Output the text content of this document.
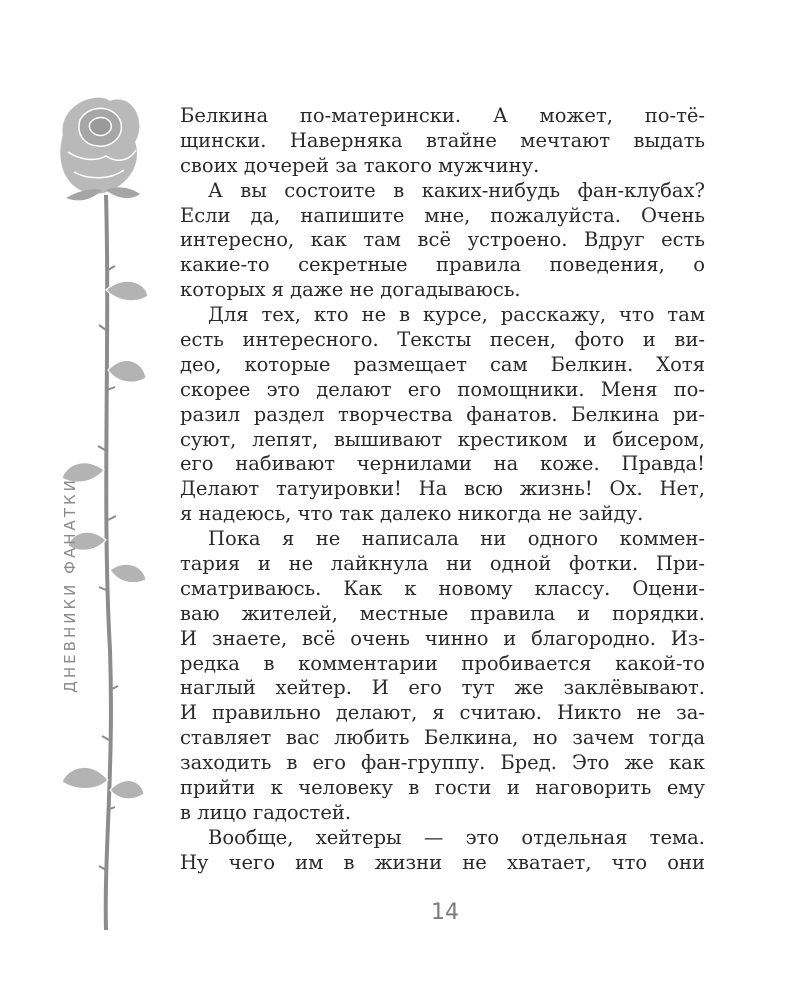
ДНЕВНИКИ ФАНАТКИ

Белкина по-матерински. А может, по-тё-
щински. Наверняка втайне мечтают выдать
своих дочерей за такого мужчину.

А вы состоите в каких-нибудь фан-клубах?
Если да, напишите мне, пожалуйста. Очень
интересно, как там всё устроено. Вдруг есть
какие-то секретные правила поведения, о
которых я даже не догадываюсь.

Для тех, кто не в курсе, расскажу, что там
есть интересного. Тексты песен, фото и ви-
део, которые размещает сам Белкин. Хотя
скорее это делают его помощники. Меня по-
разил раздел творчества фанатов. Белкина ри-
суют, лепят, вышивают крестиком и бисером,
его набивают чернилами на коже. Правда!
Делают татуировки! На всю жизнь! Ох. Нет,
я надеюсь, что так далеко никогда не зайду.

Пока я не написала ни одного коммен-
тария и не лайкнула ни одной фотки. При-
сматриваюсь. Как к новому классу. Оцени-
ваю жителей, местные правила и порядки.
И знаете, всё очень чинно и благородно. Из-
редка в комментарии пробивается какой-то
наглый хейтер. И его тут же заклёвывают.
И правильно делают, я считаю. Никто не за-
ставляет вас любить Белкина, но зачем тогда
заходить в его фан-группу. Бред. Это же как
прийти к человеку в гости и наговорить ему
в лицо гадостей.

Вообще, хейтеры — это отдельная тема.
Ну чего им в жизни не хватает, что они

14
